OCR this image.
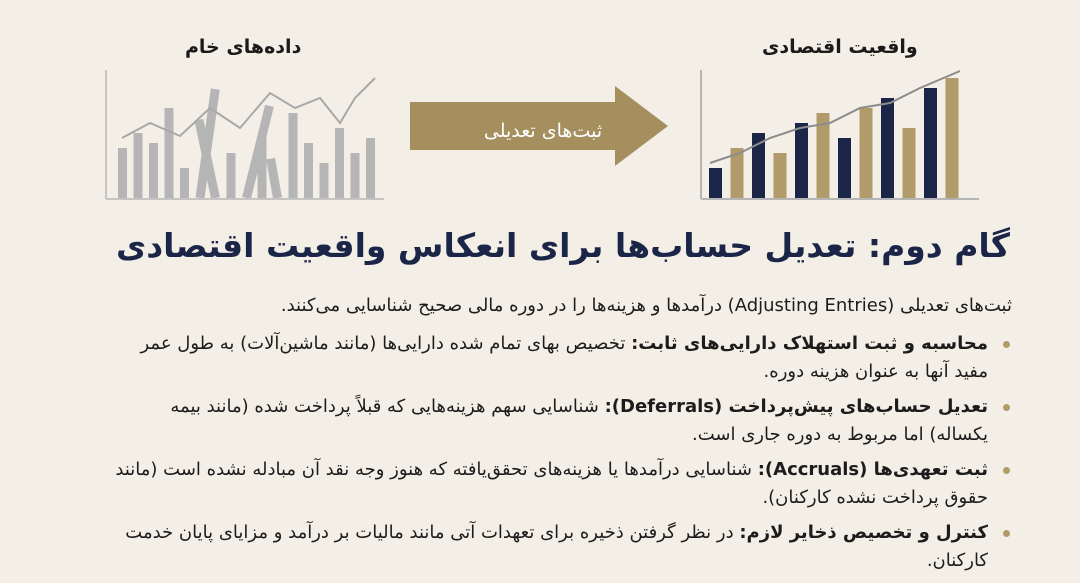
داده‌های خام
ثبت‌های تعدیلی
واقعیت اقتصادی
گام دوم: تعدیل حساب‌ها برای انعکاس واقعیت اقتصادی
ثبت‌های تعدیلی (Adjusting Entries) درآمدها و هزینه‌ها را در دوره مالی صحیح شناسایی می‌کنند.
محاسبه و ثبت استهلاک دارایی‌های ثابت: تخصیص بهای تمام شده دارایی‌ها (مانند ماشین‌آلات) به طول عمر مفید آنها به عنوان هزینه دوره.
تعدیل حساب‌های پیش‌پرداخت (Deferrals): شناسایی سهم هزینه‌هایی که قبلاً پرداخت شده (مانند بیمه یکساله) اما مربوط به دوره جاری است.
ثبت تعهدی‌ها (Accruals): شناسایی درآمدها یا هزینه‌های تحقق‌یافته که هنوز وجه نقد آن مبادله نشده است (مانند حقوق پرداخت نشده کارکنان).
کنترل و تخصیص ذخایر لازم: در نظر گرفتن ذخیره برای تعهدات آتی مانند مالیات بر درآمد و مزایای پایان خدمت کارکنان.
